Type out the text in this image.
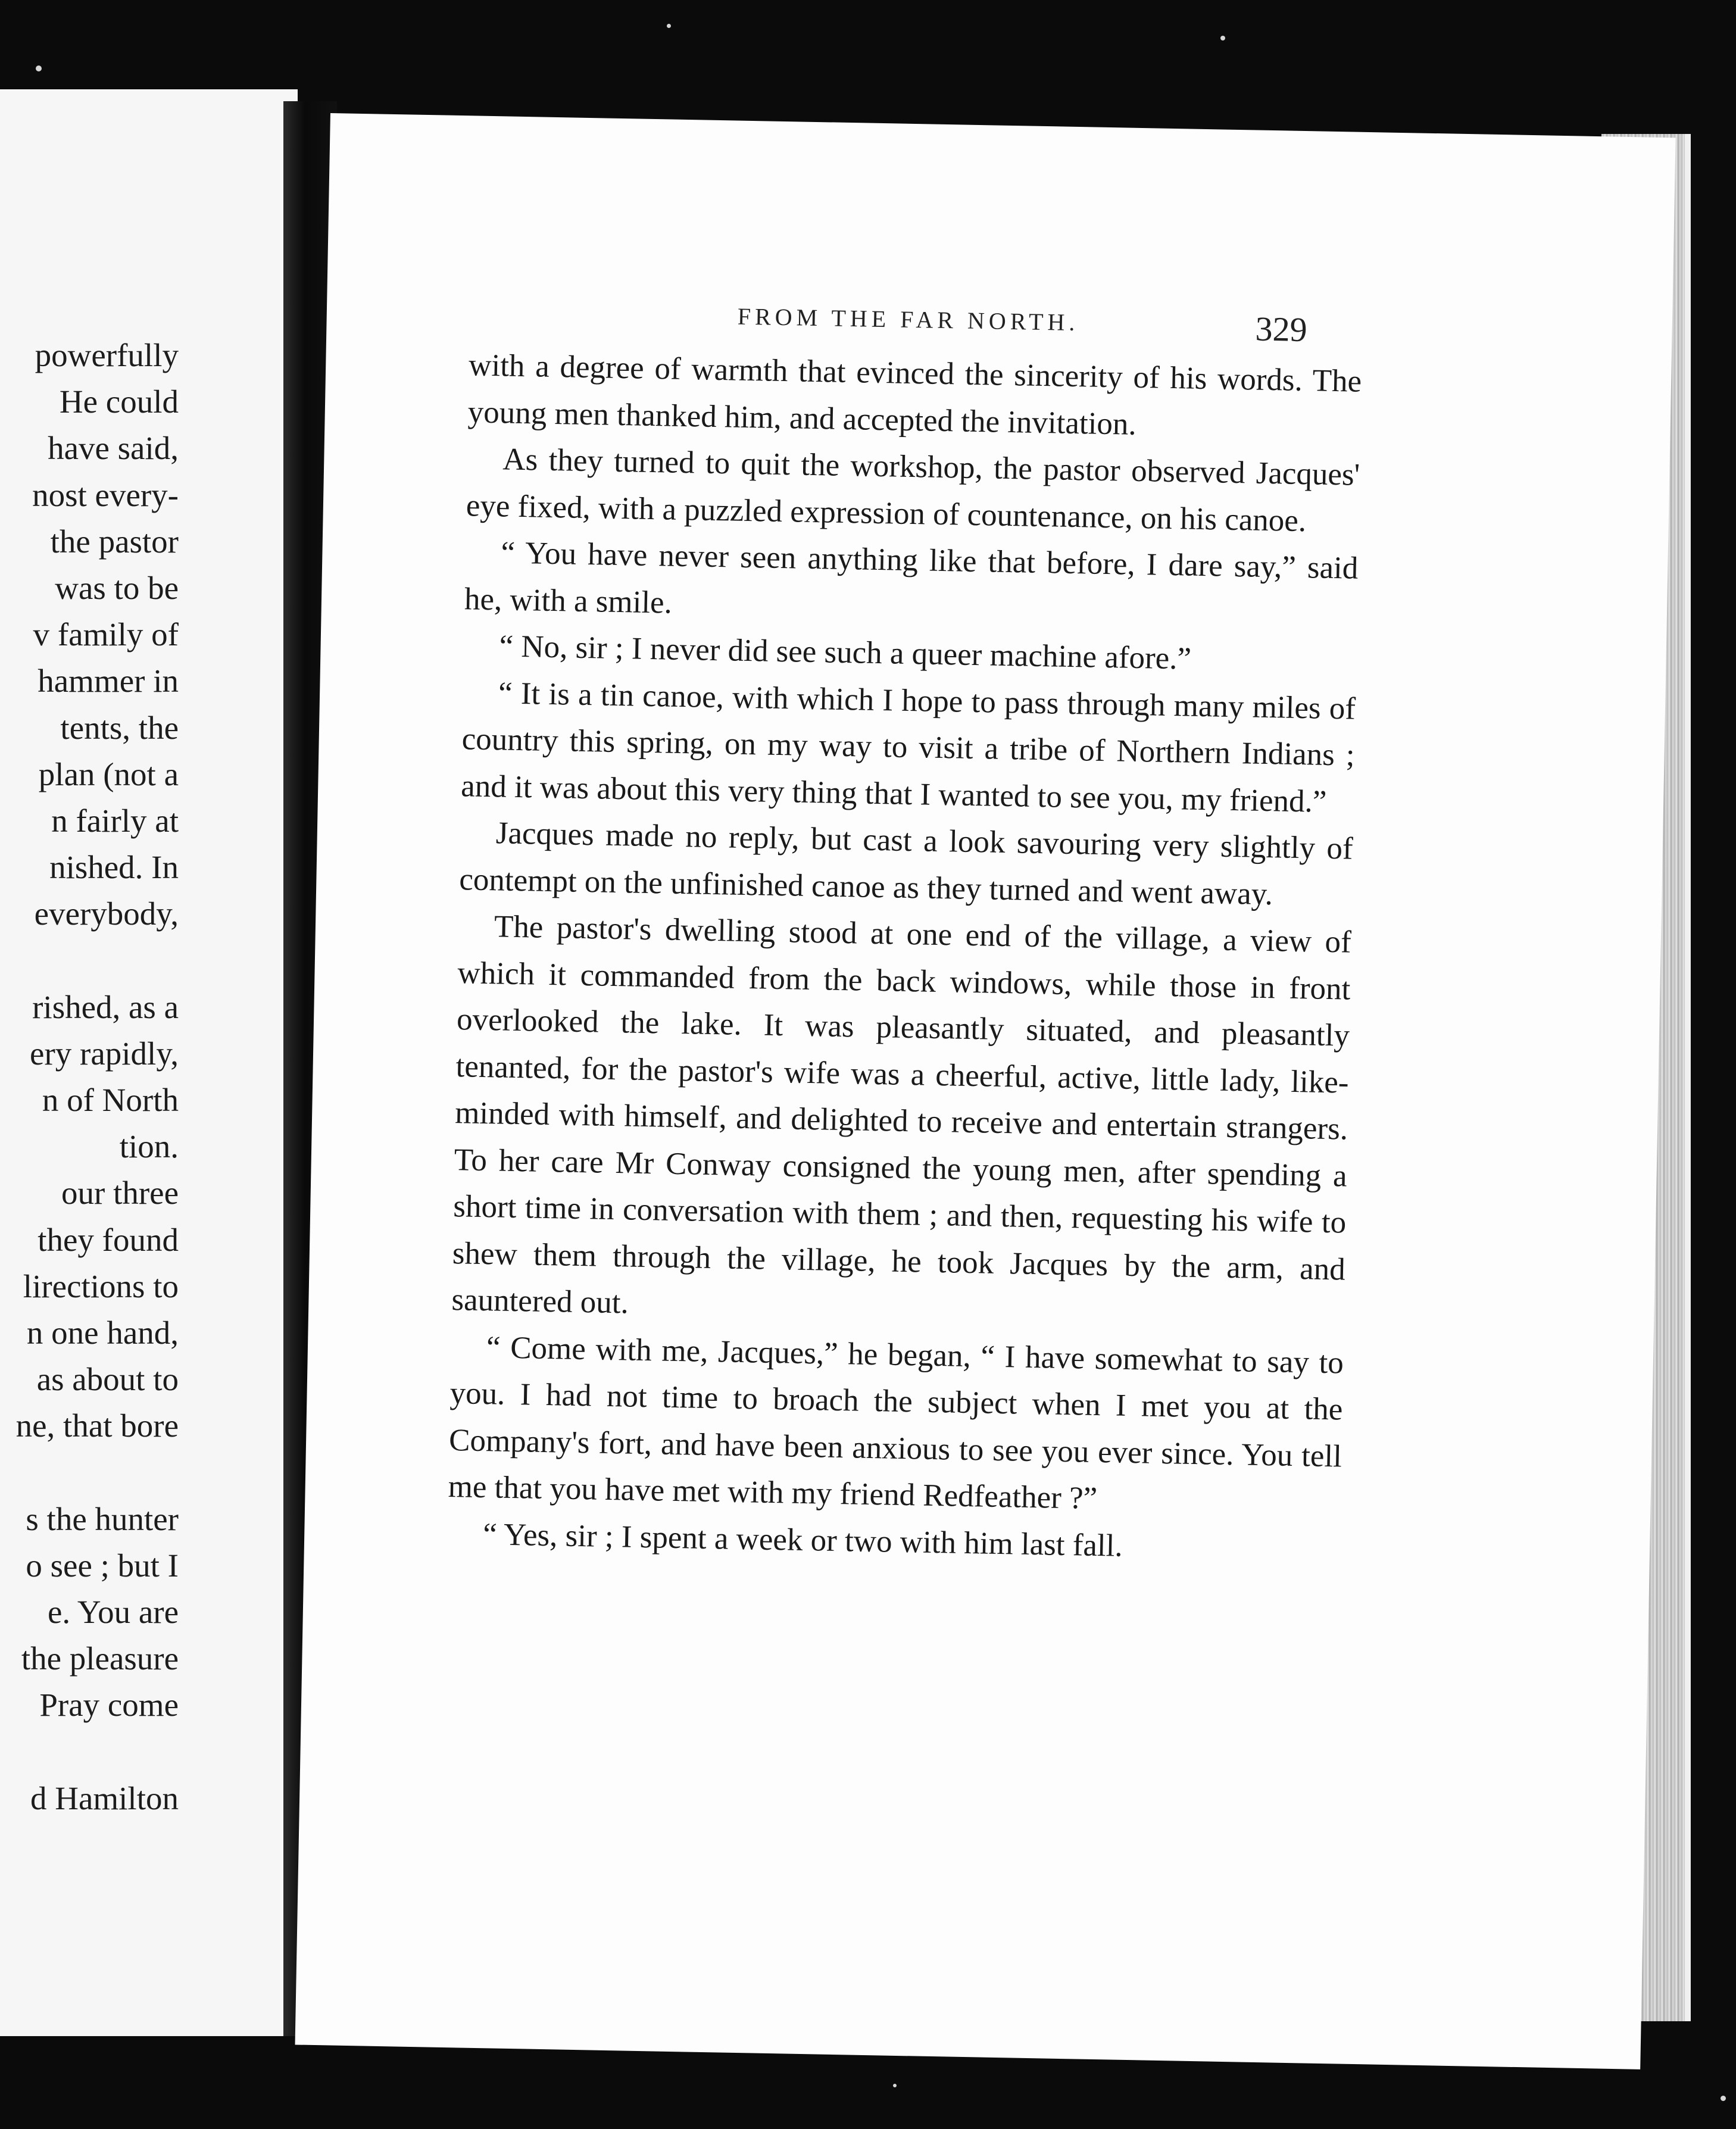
powerfully
He could
have said,
nost every-
the pastor
was to be
v family of
hammer in
tents, the
plan (not a
n fairly at
nished. In
everybody,
rished, as a
ery rapidly,
n of North
tion.
our three
they found
lirections to
n one hand,
as about to
ne, that bore
s the hunter
o see ; but I
e. You are
the pleasure
Pray come
d Hamilton
FROM THE FAR NORTH.	329

with a degree of warmth that evinced the sincerity of his words. The young men thanked him, and accepted the invitation.

As they turned to quit the workshop, the pastor observed Jacques' eye fixed, with a puzzled expression of countenance, on his canoe.

“ You have never seen anything like that before, I dare say,” said he, with a smile.

“ No, sir ; I never did see such a queer machine afore.”

“ It is a tin canoe, with which I hope to pass through many miles of country this spring, on my way to visit a tribe of Northern Indians ; and it was about this very thing that I wanted to see you, my friend.”

Jacques made no reply, but cast a look savouring very slightly of contempt on the unfinished canoe as they turned and went away.

The pastor's dwelling stood at one end of the village, a view of which it commanded from the back windows, while those in front overlooked the lake. It was pleasantly situated, and pleasantly tenanted, for the pastor's wife was a cheerful, active, little lady, like-minded with himself, and delighted to receive and entertain strangers. To her care Mr Conway consigned the young men, after spending a short time in conversation with them ; and then, requesting his wife to shew them through the village, he took Jacques by the arm, and sauntered out.

“ Come with me, Jacques,” he began, “ I have somewhat to say to you. I had not time to broach the subject when I met you at the Company's fort, and have been anxious to see you ever since. You tell me that you have met with my friend Redfeather ?”

“ Yes, sir ; I spent a week or two with him last fall.
